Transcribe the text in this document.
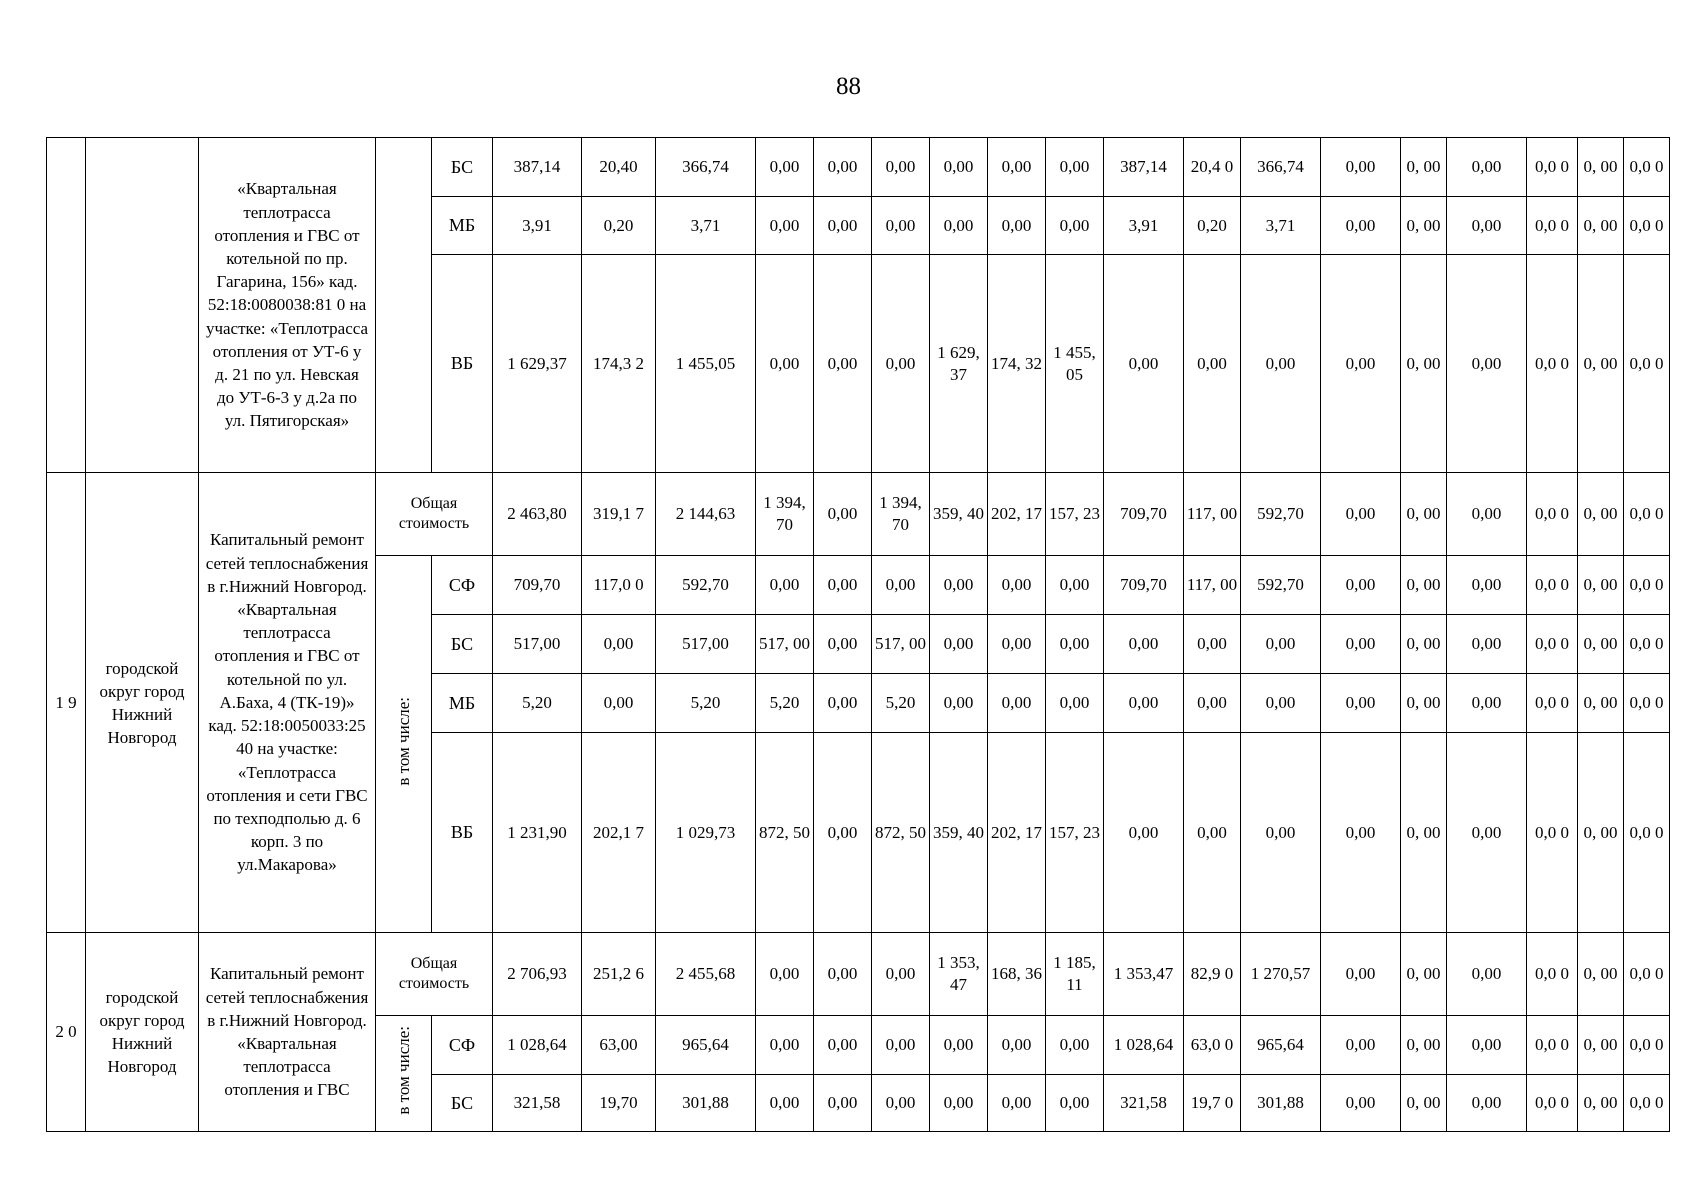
88
		«Квартальная теплотрасса отопления и ГВС от котельной по пр. Гагарина, 156» кад. 52:18:0080038:81 0 на участке: «Теплотрасса отопления от УТ-6 у д. 21 по ул. Невская до УТ-6-3 у д.2а по ул. Пятигорская»		БС	387,14	20,40	366,74	0,00	0,00	0,00	0,00	0,00	0,00	387,14	20,4 0	366,74	0,00	0, 00	0,00	0,0 0	0, 00	0,0 0
				МБ	3,91	0,20	3,71	0,00	0,00	0,00	0,00	0,00	0,00	3,91	0,20	3,71	0,00	0, 00	0,00	0,0 0	0, 00	0,0 0
				ВБ	1 629,37	174,3 2	1 455,05	0,00	0,00	0,00	1 629, 37	174, 32	1 455, 05	0,00	0,00	0,00	0,00	0, 00	0,00	0,0 0	0, 00	0,0 0
1 9	городской округ город Нижний Новгород	Капитальный ремонт сетей теплоснабжения в г.Нижний Новгород. «Квартальная теплотрасса отопления и ГВС от котельной по ул. А.Баха, 4 (ТК-19)» кад. 52:18:0050033:25 40 на участке: «Теплотрасса отопления и сети ГВС по техподполью д. 6 корп. 3 по ул.Макарова»	Общая стоимость		2 463,80	319,1 7	2 144,63	1 394, 70	0,00	1 394, 70	359, 40	202, 17	157, 23	709,70	117, 00	592,70	0,00	0, 00	0,00	0,0 0	0, 00	0,0 0
			в том числе:	СФ	709,70	117,0 0	592,70	0,00	0,00	0,00	0,00	0,00	0,00	709,70	117, 00	592,70	0,00	0, 00	0,00	0,0 0	0, 00	0,0 0
				БС	517,00	0,00	517,00	517, 00	0,00	517, 00	0,00	0,00	0,00	0,00	0,00	0,00	0,00	0, 00	0,00	0,0 0	0, 00	0,0 0
				МБ	5,20	0,00	5,20	5,20	0,00	5,20	0,00	0,00	0,00	0,00	0,00	0,00	0,00	0, 00	0,00	0,0 0	0, 00	0,0 0
				ВБ	1 231,90	202,1 7	1 029,73	872, 50	0,00	872, 50	359, 40	202, 17	157, 23	0,00	0,00	0,00	0,00	0, 00	0,00	0,0 0	0, 00	0,0 0
2 0	городской округ город Нижний Новгород	Капитальный ремонт сетей теплоснабжения в г.Нижний Новгород. «Квартальная теплотрасса отопления и ГВС	Общая стоимость		2 706,93	251,2 6	2 455,68	0,00	0,00	0,00	1 353, 47	168, 36	1 185, 11	1 353,47	82,9 0	1 270,57	0,00	0, 00	0,00	0,0 0	0, 00	0,0 0
			в том числе:	СФ	1 028,64	63,00	965,64	0,00	0,00	0,00	0,00	0,00	0,00	1 028,64	63,0 0	965,64	0,00	0, 00	0,00	0,0 0	0, 00	0,0 0
				БС	321,58	19,70	301,88	0,00	0,00	0,00	0,00	0,00	0,00	321,58	19,7 0	301,88	0,00	0, 00	0,00	0,0 0	0, 00	0,0 0
